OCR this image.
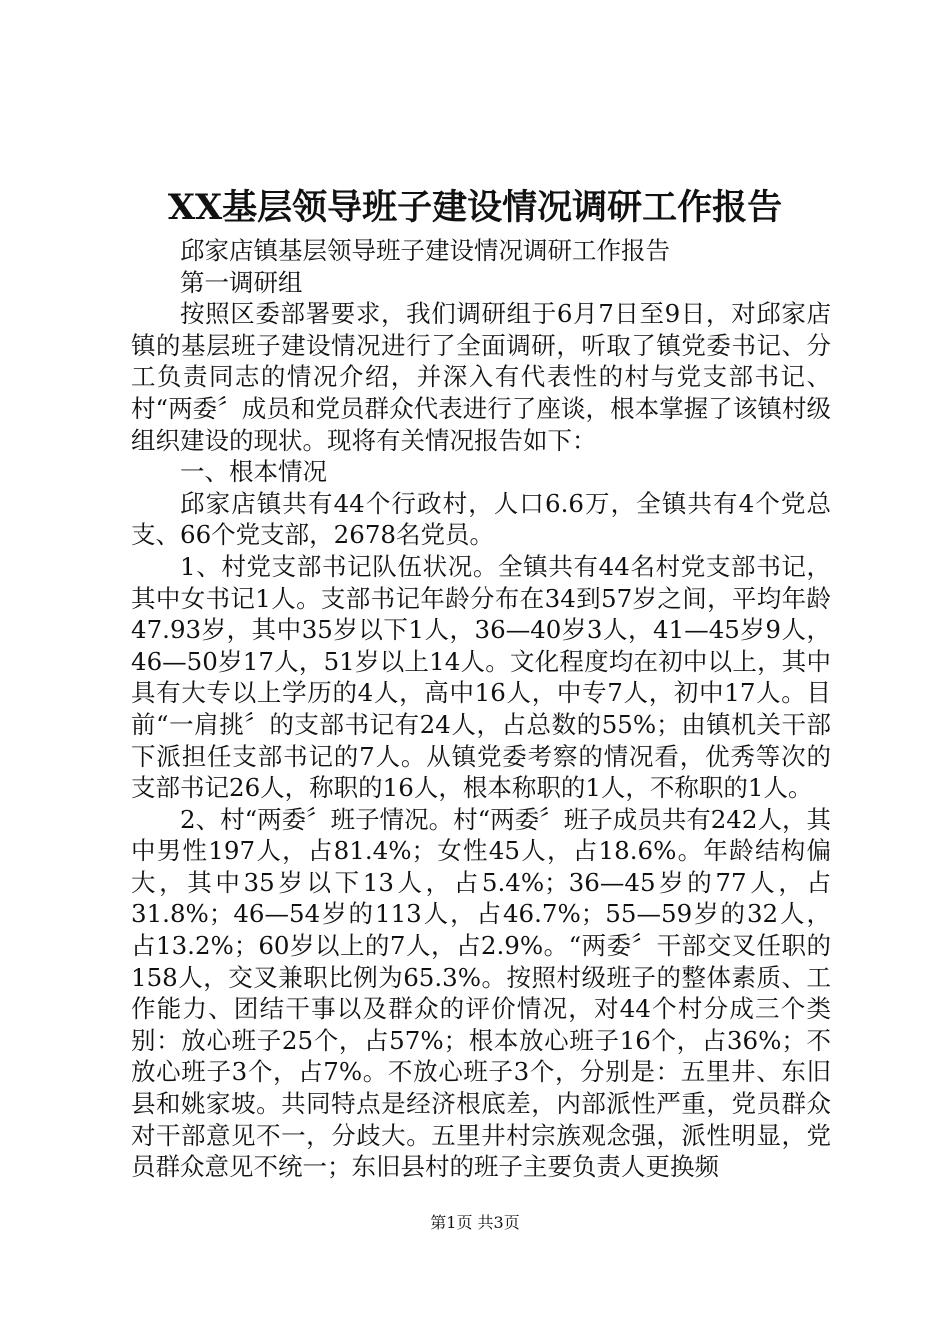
XX基层领导班子建设情况调研工作报告

邱家店镇基层领导班子建设情况调研工作报告

第一调研组

按照区委部署要求，我们调研组于6月7日至9日，对邱家店镇的基层班子建设情况进行了全面调研，听取了镇党委书记、分工负责同志的情况介绍，并深入有代表性的村与党支部书记、村“两委〞成员和党员群众代表进行了座谈，根本掌握了该镇村级组织建设的现状。现将有关情况报告如下：

一、根本情况

邱家店镇共有44个行政村，人口6.6万，全镇共有4个党总支、66个党支部，2678名党员。

1、村党支部书记队伍状况。全镇共有44名村党支部书记，其中女书记1人。支部书记年龄分布在34到57岁之间，平均年龄47.93岁，其中35岁以下1人，36—40岁3人，41—45岁9人，46—50岁17人，51岁以上14人。文化程度均在初中以上，其中具有大专以上学历的4人，高中16人，中专7人，初中17人。目前“一肩挑〞的支部书记有24人，占总数的55%；由镇机关干部下派担任支部书记的7人。从镇党委考察的情况看，优秀等次的支部书记26人，称职的16人，根本称职的1人，不称职的1人。

2、村“两委〞班子情况。村“两委〞班子成员共有242人，其中男性197人，占81.4%；女性45人，占18.6%。年龄结构偏大，其中35岁以下13人，占5.4%；36—45岁的77人，占31.8%；46—54岁的113人，占46.7%；55—59岁的32人，占13.2%；60岁以上的7人，占2.9%。“两委〞干部交叉任职的158人，交叉兼职比例为65.3%。按照村级班子的整体素质、工作能力、团结干事以及群众的评价情况，对44个村分成三个类别：放心班子25个，占57%；根本放心班子16个，占36%；不放心班子3个，占7%。不放心班子3个，分别是：五里井、东旧县和姚家坡。共同特点是经济根底差，内部派性严重，党员群众对干部意见不一，分歧大。五里井村宗族观念强，派性明显，党员群众意见不统一；东旧县村的班子主要负责人更换频

第1页 共3页
